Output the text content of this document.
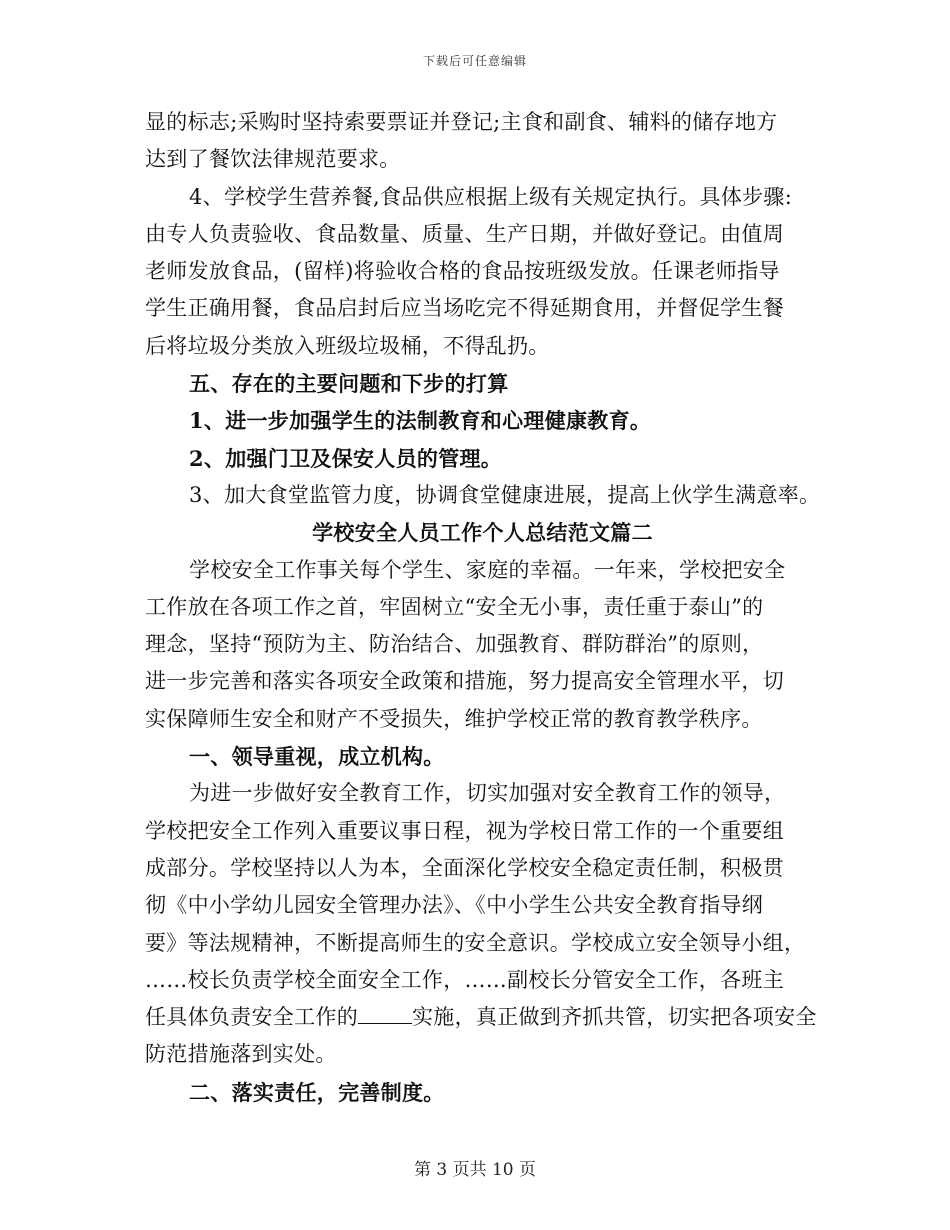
下载后可任意编辑
显的标志;采购时坚持索要票证并登记;主食和副食、辅料的储存地方
达到了餐饮法律规范要求。
4、学校学生营养餐,食品供应根据上级有关规定执行。具体步骤:
由专人负责验收、食品数量、质量、生产日期，并做好登记。由值周
老师发放食品，(留样)将验收合格的食品按班级发放。任课老师指导
学生正确用餐，食品启封后应当场吃完不得延期食用，并督促学生餐
后将垃圾分类放入班级垃圾桶，不得乱扔。
五、存在的主要问题和下步的打算
1、进一步加强学生的法制教育和心理健康教育。
2、加强门卫及保安人员的管理。
3、加大食堂监管力度，协调食堂健康进展，提高上伙学生满意率。
学校安全人员工作个人总结范文篇二
学校安全工作事关每个学生、家庭的幸福。一年来，学校把安全
工作放在各项工作之首，牢固树立“安全无小事，责任重于泰山”的
理念，坚持“预防为主、防治结合、加强教育、群防群治”的原则，
进一步完善和落实各项安全政策和措施，努力提高安全管理水平，切
实保障师生安全和财产不受损失，维护学校正常的教育教学秩序。
一、领导重视，成立机构。
为进一步做好安全教育工作，切实加强对安全教育工作的领导，
学校把安全工作列入重要议事日程，视为学校日常工作的一个重要组
成部分。学校坚持以人为本，全面深化学校安全稳定责任制，积极贯
彻《中小学幼儿园安全管理办法》、《中小学生公共安全教育指导纲
要》等法规精神，不断提高师生的安全意识。学校成立安全领导小组，
……校长负责学校全面安全工作，……副校长分管安全工作，各班主
任具体负责安全工作的	实施，真正做到齐抓共管，切实把各项安全
防范措施落到实处。
二、落实责任，完善制度。
第 3 页共 10 页
